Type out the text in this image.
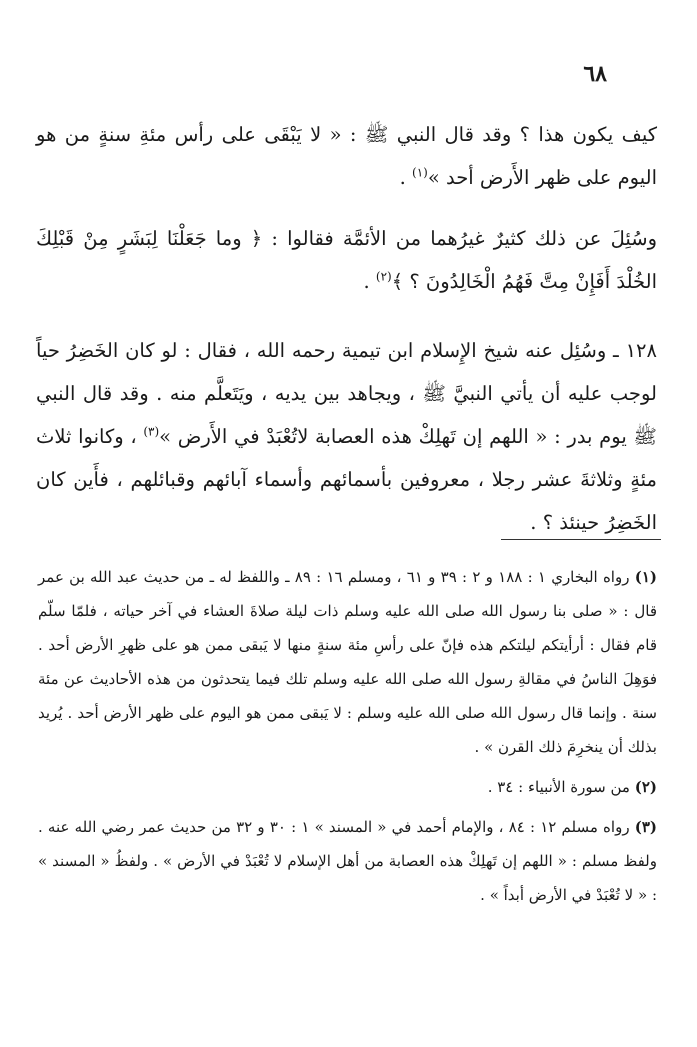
٦٨

كيف يكون هذا ؟ وقد قال النبي ﷺ : « لا يَبْقَى على رأس مئةِ سنةٍ من هو اليوم على ظهر الأَرض أحد »$^{(١)}$ .

وسُئِلَ عن ذلك كثيرٌ غيرُهما من الأئمَّة فقالوا : ﴿ وما جَعَلْنَا لِبَشَرٍ مِنْ قَبْلِكَ الخُلْدَ أَفَإِنْ مِتَّ فَهُمُ الْخَالِدُونَ ؟ ﴾$^{(٢)}$ .

١٢٨ ـ وسُئِل عنه شيخ الإِسلام ابن تيمية رحمه الله ، فقال : لو كان الخَضِرُ حياً لوجب عليه أن يأتي النبيَّ ﷺ ، ويجاهد بين يديه ، ويَتَعلَّم منه . وقد قال النبي ﷺ يوم بدر : « اللهم إن تَهلِكْ هذه العصابة لاتُعْبَدْ في الأَرض »$^{(٣)}$ ، وكانوا ثلاث مئةٍ وثلاثةَ عشر رجلا ، معروفين بأسمائهم وأسماء آبائهم وقبائلهم ، فأَين كان الخَضِرُ حينئذ ؟ .

(١) رواه البخاري ١ : ١٨٨ و ٢ : ٣٩ و ٦١ ، ومسلم ١٦ : ٨٩ ـ واللفظ له ـ من حديث عبد الله بن عمر قال : « صلى بنا رسول الله صلى الله عليه وسلم ذات ليلة صلاةَ العشاء في آخر حياته ، فلمّا سلّم قام فقال : أرأيتكم ليلتكم هذه فإنّ على رأسِ مئة سنةٍ منها لا يَبقى ممن هو على ظهرِ الأرض أحد . فوَهِلَ الناسُ في مقالةِ رسول الله صلى الله عليه وسلم تلك فيما يتحدثون من هذه الأحاديث عن مئة سنة . وإنما قال رسول الله صلى الله عليه وسلم : لا يَبقى ممن هو اليوم على ظهر الأرض أحد . يُريد بذلك أن ينخرِمَ ذلك القرن » .

(٢) من سورة الأنبياء : ٣٤ .

(٣) رواه مسلم ١٢ : ٨٤ ، والإمام أحمد في « المسند » ١ : ٣٠ و ٣٢ من حديث عمر رضي الله عنه . ولفظ مسلم : « اللهم إن تَهلِكْ هذه العصابة من أهل الإسلام لا تُعْبَدْ في الأرض » . ولفظُ « المسند » : « لا تُعْبَدْ في الأرض أبداً » .
